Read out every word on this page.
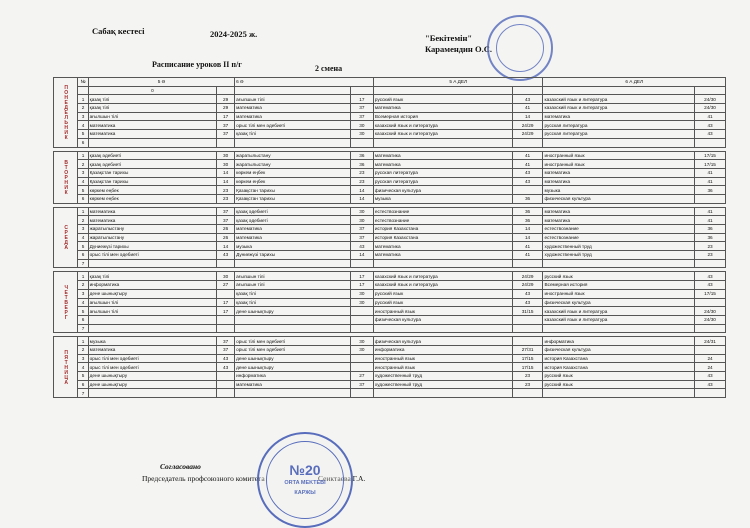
Сабақ кестесі	2024-2025 ж.	"Бекітемін"
Карамендин О.С.
Расписание уроков II п/г	2 смена
ПОНЕДЕЛЬНИК	№	5 Ә		6 Ә		5 А ДЕЛ		6 А ДЕЛ	
		0							
	1	қазақ тілі	29	ағылшын тілі	17	русский язык	43	казахский язык и литература	24/30
	2	қазақ тілі	29	математика	37	математика	41	казахский язык и литература	24/30
	3	ағылшын тілі	17	математика	37	Всемерная история	14	математика	41
	4	математика	37	орыс тілі мен әдебиеті	30	казахский язык и литература	24/29	русская литература	43
	5	математика	37	қазақ тілі	30	казахский язык и литература	24/29	русская литература	43
	6								

ВТОРНИК	1	қазақ әдебиеті	30	жаратылыстану	36	математика	41	иностранный язык	17/15
	2	қазақ әдебиеті	30	жаратылыстану	36	математика	41	иностранный язык	17/15
	3	Қазақстан тарихы	14	көркем еңбек	23	русская литература	43	математика	41
	4	Қазақстан тарихы	14	көркем еңбек	23	русская литература	43	математика	41
	5	көркем еңбек	23	Қазақстан тарихы	14	физическая культура		музыка	36
	6	көркем еңбек	23	Қазақстан тарихы	14	музыка	36	физическая культура	

СРЕДА	1	математика	37	қазақ әдебиеті	30	естествознание	36	математика	41
	2	математика	37	қазақ әдебиеті	30	естествознание	36	математика	41
	3	жаратылыстану	26	математика	37	история Казахстана	14	естествознание	36
	4	жаратылыстану	26	математика	37	история Казахстана	14	естествознание	36
	5	Дүниежүзі тарихы	14	музыка	43	математика	41	художественный труд	23
	6	орыс тілі мен әдебиеті	43	Дүниежүзі тарихы	14	математика	41	художественный труд	23
	7								

ЧЕТВЕРГ	1	қазақ тілі	30	ағылшын тілі	17	казахский язык и литература	24/29	русский язык	43
	2	информатика	27	ағылшын тілі	17	казахский язык и литература	24/29	Всемерная история	43
	3	дене шынықтыру		қазақ тілі	30	русский язык	43	иностранный язык	17/15
	4	ағылшын тілі	17	қазақ тілі	30	русский язык	43	физическая культура	
	5	ағылшын тілі	17	дене шынықтыру		иностранный язык	31/15	казахский язык и литература	24/30
	6					физическая культура		казахский язык и литература	24/30
	7								

ПЯТНИЦА	1	музыка	37	орыс тілі мен әдебиеті	30	физическая культура		информатика	24/31
	2	математика	37	орыс тілі мен әдебиеті	30	информатика	27/31	физическая культура	
	3	орыс тілі мен әдебиеті	43	дене шынықтыру		иностранный язык	17/15	история Казахстана	24
	4	орыс тілі мен әдебиеті	43	дене шынықтыру		иностранный язык	17/15	история Казахстана	24
	5	дене шынықтыру		информатика	27	художественный труд	23	русский язык	43
	6	дене шынықтыру		математика	37	художественный труд	23	русский язык	43
	7								
Согласовано
Председатель профсоюзного комитета	Сеиктаева Г.А.
№20
ORTA MEKTEBI
КАРЖЫ
